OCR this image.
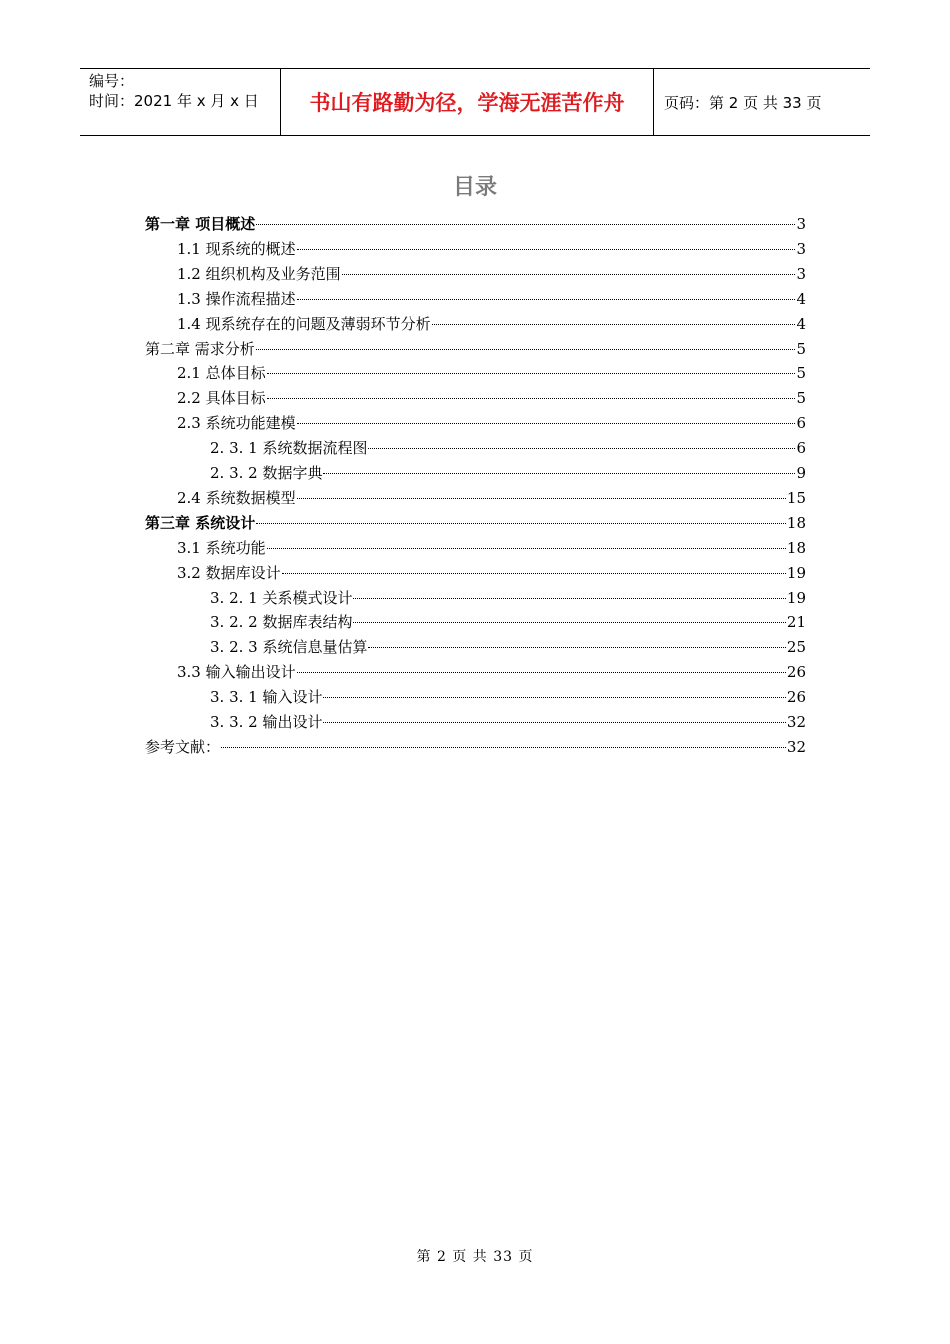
编号：
时间：2021 年 x 月 x 日	书山有路勤为径，学海无涯苦作舟	页码：第 2 页 共 33 页
目录
第一章 项目概述	3
1.1 现系统的概述	3
1.2 组织机构及业务范围	3
1.3 操作流程描述	4
1.4 现系统存在的问题及薄弱环节分析	4
第二章 需求分析	5
2.1 总体目标	5
2.2 具体目标	5
2.3 系统功能建模	6
2. 3. 1 系统数据流程图	6
2. 3. 2 数据字典	9
2.4 系统数据模型	15
第三章 系统设计	18
3.1 系统功能	18
3.2 数据库设计	19
3. 2. 1 关系模式设计	19
3. 2. 2 数据库表结构	21
3. 2. 3 系统信息量估算	25
3.3 输入输出设计	26
3. 3. 1 输入设计	26
3. 3. 2 输出设计	32
参考文献：	32
第 2 页 共 33 页
